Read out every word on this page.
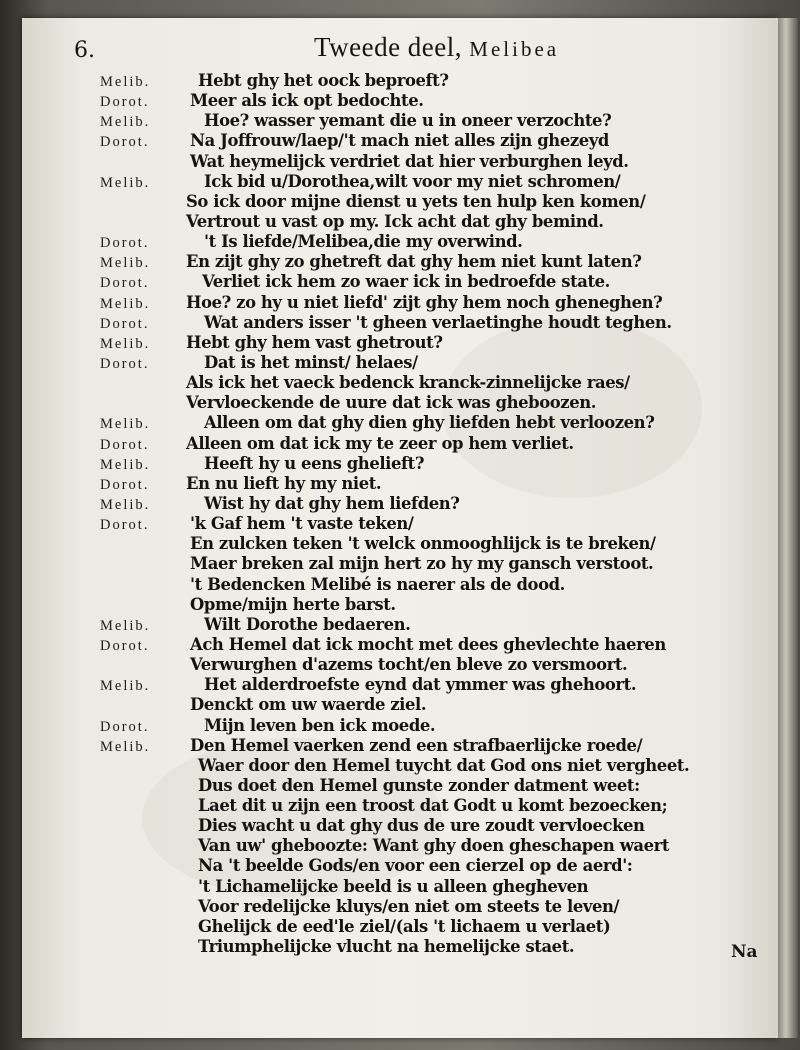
6.	Tweede deel, Melibea
Melib.	Hebt ghy het oock beproeft?
Dorot. Meer als ick opt bedochte.
Melib.	Hoe? wasser yemant die u in oneer verzochte?
Dorot. Na Joffrouw/laep/'t mach niet alles zijn ghezeyd
Wat heymelijck verdriet dat hier verburghen leyd.
Melib.	Ick bid u/Dorothea,wilt voor my niet schromen/
So ick door mijne dienst u yets ten hulp ken komen/
Vertrout u vast op my. Ick acht dat ghy bemind.
Dorot.	't Is liefde/Melibea,die my overwind.
Melib. En zijt ghy zo ghetreft dat ghy hem niet kunt laten?
Dorot.	Verliet ick hem zo waer ick in bedroefde state.
Melib. Hoe? zo hy u niet liefd' zijt ghy hem noch gheneghen?
Dorot.	Wat anders isser 't gheen verlaetinghe houdt teghen.
Melib. Hebt ghy hem vast ghetrout?
Dorot.	Dat is het minst/ helaes/
Als ick het vaeck bedenck kranck-zinnelijcke raes/
Vervloeckende de uure dat ick was gheboozen.
Melib.	Alleen om dat ghy dien ghy liefden hebt verloozen?
Dorot. Alleen om dat ick my te zeer op hem verliet.
Melib.	Heeft hy u eens ghelieft?
Dorot. En nu lieft hy my niet.
Melib.	Wist hy dat ghy hem liefden?
Dorot. 'k Gaf hem 't vaste teken/
En zulcken teken 't welck onmooghlijck is te breken/
Maer breken zal mijn hert zo hy my gansch verstoot.
't Bedencken Melibé is naerer als de dood.
Opme/mijn herte barst.
Melib.	Wilt Dorothe bedaeren.
Dorot. Ach Hemel dat ick mocht met dees ghevlechte haeren
Verwurghen d'azems tocht/en bleve zo versmoort.
Melib.	Het alderdroefste eynd dat ymmer was ghehoort.
Denckt om uw waerde ziel.
Dorot.	Mijn leven ben ick moede.
Melib. Den Hemel vaerken zend een strafbaerlijcke roede/
Waer door den Hemel tuycht dat God ons niet vergheet.
Dus doet den Hemel gunste zonder datment weet:
Laet dit u zijn een troost dat Godt u komt bezoecken;
Dies wacht u dat ghy dus de ure zoudt vervloecken
Van uw' gheboozte: Want ghy doen gheschapen waert
Na 't beelde Gods/en voor een cierzel op de aerd':
't Lichamelijcke beeld is u alleen ghegheven
Voor redelijcke kluys/en niet om steets te leven/
Ghelijck de eed'le ziel/(als 't lichaem u verlaet)
Triumphelijcke vlucht na hemelijcke staet.	Na
